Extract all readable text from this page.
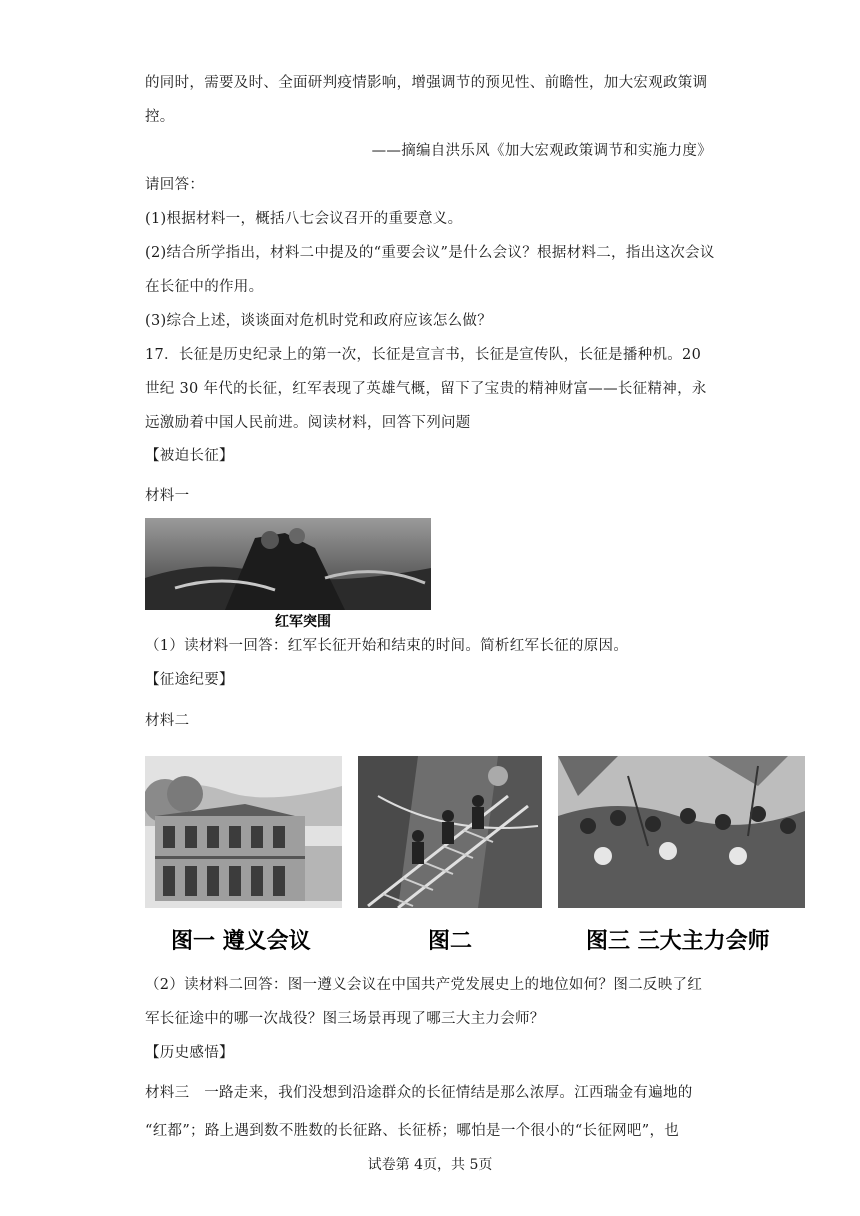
的同时，需要及时、全面研判疫情影响，增强调节的预见性、前瞻性，加大宏观政策调
控。
——摘编自洪乐风《加大宏观政策调节和实施力度》
请回答：
(1)根据材料一，概括八七会议召开的重要意义。
(2)结合所学指出，材料二中提及的“重要会议”是什么会议？根据材料二，指出这次会议
在长征中的作用。
(3)综合上述，谈谈面对危机时党和政府应该怎么做？
17．长征是历史纪录上的第一次，长征是宣言书，长征是宣传队，长征是播种机。20
世纪 30 年代的长征，红军表现了英雄气概，留下了宝贵的精神财富——长征精神，永
远激励着中国人民前进。阅读材料，回答下列问题
【被迫长征】
材料一
红军突围
（1）读材料一回答：红军长征开始和结束的时间。简析红军长征的原因。
【征途纪要】
材料二
图一 遵义会议	图二	图三 三大主力会师
（2）读材料二回答：图一遵义会议在中国共产党发展史上的地位如何？图二反映了红
军长征途中的哪一次战役？图三场景再现了哪三大主力会师？
【历史感悟】
材料三　一路走来，我们没想到沿途群众的长征情结是那么浓厚。江西瑞金有遍地的
“红都”；路上遇到数不胜数的长征路、长征桥；哪怕是一个很小的“长征网吧”，也
试卷第 4页，共 5页
